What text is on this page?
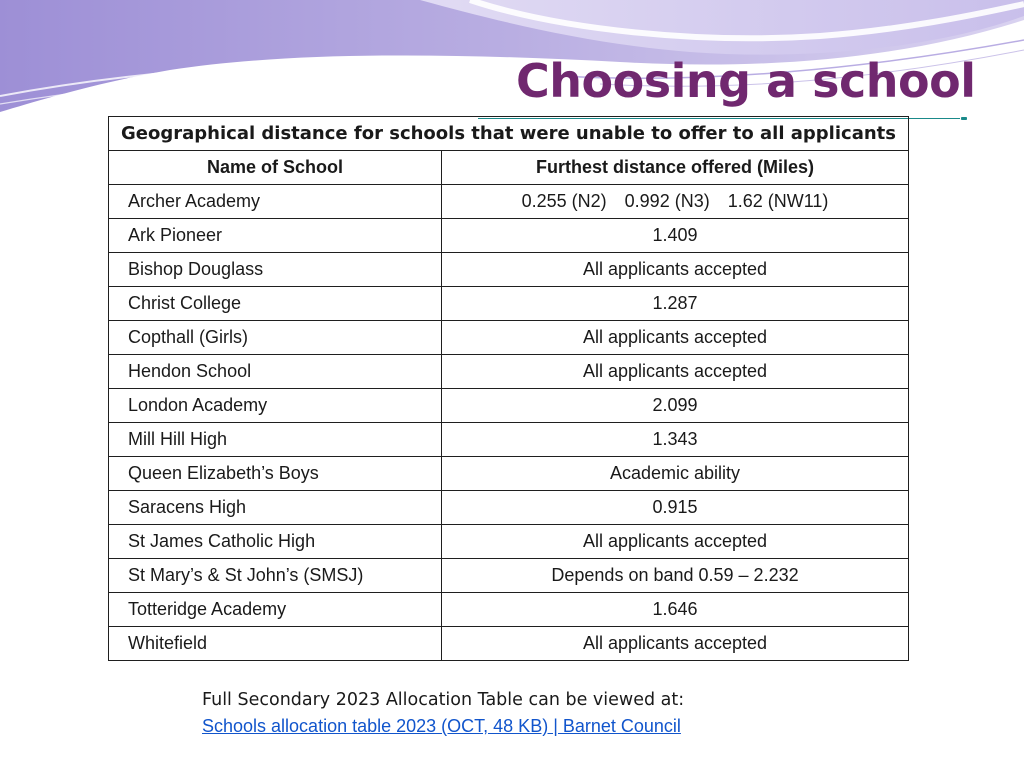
Choosing a school
Geographical distance for schools that were unable to offer to all applicants	
Name of School	Furthest distance offered (Miles)
Archer Academy	0.255 (N2) 0.992 (N3) 1.62 (NW11)
Ark Pioneer	1.409
Bishop Douglass	All applicants accepted
Christ College	1.287
Copthall (Girls)	All applicants accepted
Hendon School	All applicants accepted
London Academy	2.099
Mill Hill High	1.343
Queen Elizabeth’s Boys	Academic ability
Saracens High	0.915
St James Catholic High	All applicants accepted
St Mary’s & St John’s (SMSJ)	Depends on band 0.59 – 2.232
Totteridge Academy	1.646
Whitefield	All applicants accepted
Full Secondary 2023 Allocation Table can be viewed at:
Schools allocation table 2023 (OCT, 48 KB) | Barnet Council
